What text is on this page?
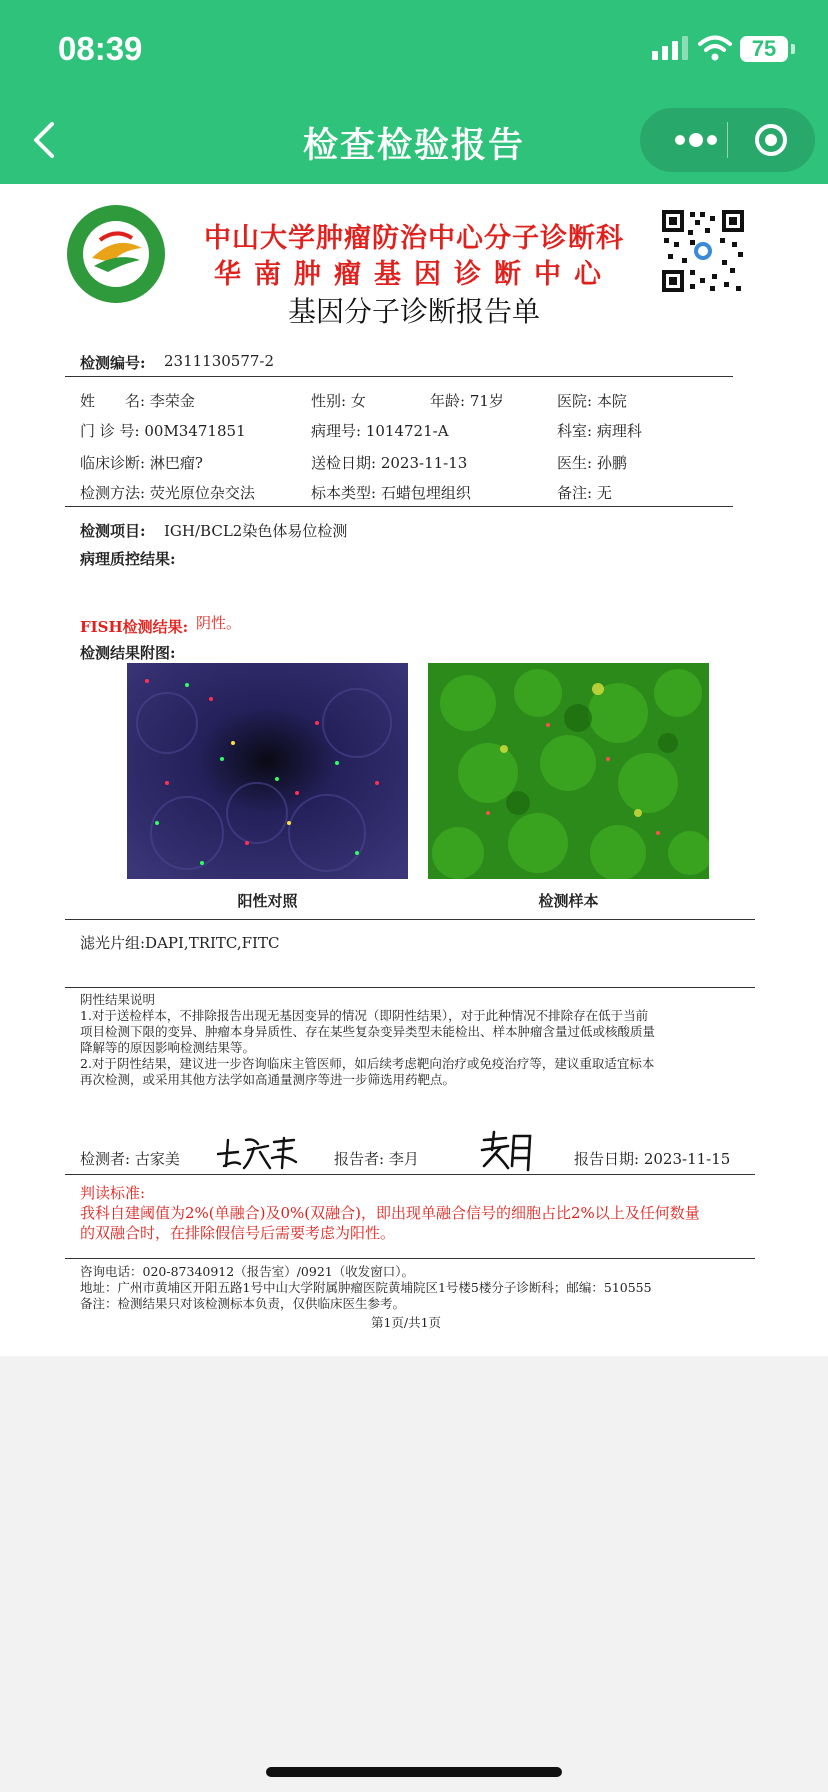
08:39	75
检查检验报告
中山大学肿瘤防治中心分子诊断科
华南肿瘤基因诊断中心
基因分子诊断报告单
检测编号: 2311130577-2
姓　　名: 李荣金	性别: 女	年龄: 71岁	医院: 本院
门 诊 号: 00M3471851	病理号: 1014721-A	科室: 病理科
临床诊断: 淋巴瘤?	送检日期: 2023-11-13	医生: 孙鹏
检测方法: 荧光原位杂交法	标本类型: 石蜡包埋组织	备注: 无
检测项目: IGH/BCL2染色体易位检测
病理质控结果:
FISH检测结果: 阴性。
检测结果附图:
阳性对照	检测样本
滤光片组:DAPI,TRITC,FITC
阴性结果说明
1.对于送检样本，不排除报告出现无基因变异的情况（即阴性结果），对于此种情况不排除存在低于当前
项目检测下限的变异、肿瘤本身异质性、存在某些复杂变异类型未能检出、样本肿瘤含量过低或核酸质量
降解等的原因影响检测结果等。
2.对于阴性结果，建议进一步咨询临床主管医师，如后续考虑靶向治疗或免疫治疗等，建议重取适宜标本
再次检测，或采用其他方法学如高通量测序等进一步筛选用药靶点。
检测者: 古家美	报告者: 李月	报告日期: 2023-11-15
判读标准:
我科自建阈值为2%(单融合)及0%(双融合)，即出现单融合信号的细胞占比2%以上及任何数量
的双融合时，在排除假信号后需要考虑为阳性。
咨询电话：020-87340912（报告室）/0921（收发窗口）。
地址：广州市黄埔区开阳五路1号中山大学附属肿瘤医院黄埔院区1号楼5楼分子诊断科；邮编：510555
备注：检测结果只对该检测标本负责，仅供临床医生参考。
第1页/共1页
